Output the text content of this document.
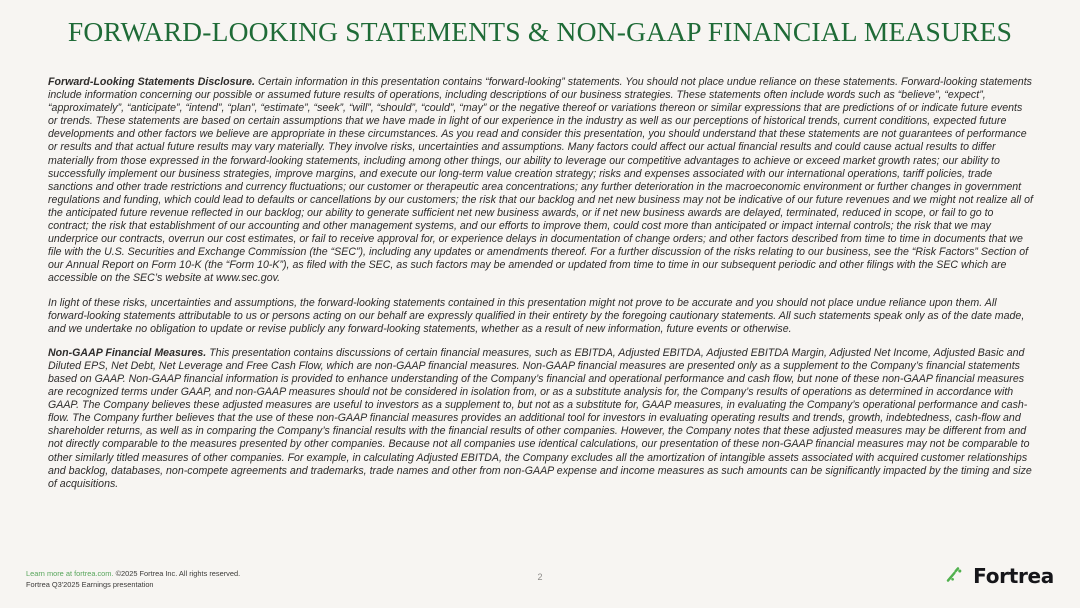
FORWARD-LOOKING STATEMENTS & NON-GAAP FINANCIAL MEASURES

Forward-Looking Statements Disclosure. Certain information in this presentation contains “forward-looking” statements. You should not place undue reliance on these statements. Forward-looking statements include information concerning our possible or assumed future results of operations, including descriptions of our business strategies. These statements often include words such as “believe”, “expect”, “approximately”, “anticipate”, “intend”, “plan”, “estimate”, “seek”, “will”, “should”, “could”, “may” or the negative thereof or variations thereon or similar expressions that are predictions of or indicate future events or trends. These statements are based on certain assumptions that we have made in light of our experience in the industry as well as our perceptions of historical trends, current conditions, expected future developments and other factors we believe are appropriate in these circumstances. As you read and consider this presentation, you should understand that these statements are not guarantees of performance or results and that actual future results may vary materially. They involve risks, uncertainties and assumptions. Many factors could affect our actual financial results and could cause actual results to differ materially from those expressed in the forward-looking statements, including among other things, our ability to leverage our competitive advantages to achieve or exceed market growth rates; our ability to successfully implement our business strategies, improve margins, and execute our long-term value creation strategy; risks and expenses associated with our international operations, tariff policies, trade sanctions and other trade restrictions and currency fluctuations; our customer or therapeutic area concentrations; any further deterioration in the macroeconomic environment or further changes in government regulations and funding, which could lead to defaults or cancellations by our customers; the risk that our backlog and net new business may not be indicative of our future revenues and we might not realize all of the anticipated future revenue reflected in our backlog; our ability to generate sufficient net new business awards, or if net new business awards are delayed, terminated, reduced in scope, or fail to go to contract; the risk that establishment of our accounting and other management systems, and our efforts to improve them, could cost more than anticipated or impact internal controls; the risk that we may underprice our contracts, overrun our cost estimates, or fail to receive approval for, or experience delays in documentation of change orders; and other factors described from time to time in documents that we file with the U.S. Securities and Exchange Commission (the “SEC”), including any updates or amendments thereof. For a further discussion of the risks relating to our business, see the “Risk Factors” Section of our Annual Report on Form 10-K (the “Form 10-K”), as filed with the SEC, as such factors may be amended or updated from time to time in our subsequent periodic and other filings with the SEC which are accessible on the SEC’s website at www.sec.gov.

In light of these risks, uncertainties and assumptions, the forward-looking statements contained in this presentation might not prove to be accurate and you should not place undue reliance upon them. All forward-looking statements attributable to us or persons acting on our behalf are expressly qualified in their entirety by the foregoing cautionary statements. All such statements speak only as of the date made, and we undertake no obligation to update or revise publicly any forward-looking statements, whether as a result of new information, future events or otherwise.

Non-GAAP Financial Measures. This presentation contains discussions of certain financial measures, such as EBITDA, Adjusted EBITDA, Adjusted EBITDA Margin, Adjusted Net Income, Adjusted Basic and Diluted EPS, Net Debt, Net Leverage and Free Cash Flow, which are non-GAAP financial measures. Non-GAAP financial measures are presented only as a supplement to the Company’s financial statements based on GAAP. Non-GAAP financial information is provided to enhance understanding of the Company’s financial and operational performance and cash flow, but none of these non-GAAP financial measures are recognized terms under GAAP, and non-GAAP measures should not be considered in isolation from, or as a substitute analysis for, the Company’s results of operations as determined in accordance with GAAP. The Company believes these adjusted measures are useful to investors as a supplement to, but not as a substitute for, GAAP measures, in evaluating the Company’s operational performance and cash-flow. The Company further believes that the use of these non-GAAP financial measures provides an additional tool for investors in evaluating operating results and trends, growth, indebtedness, cash-flow and shareholder returns, as well as in comparing the Company’s financial results with the financial results of other companies. However, the Company notes that these adjusted measures may be different from and not directly comparable to the measures presented by other companies. Because not all companies use identical calculations, our presentation of these non-GAAP financial measures may not be comparable to other similarly titled measures of other companies. For example, in calculating Adjusted EBITDA, the Company excludes all the amortization of intangible assets associated with acquired customer relationships and backlog, databases, non-compete agreements and trademarks, trade names and other from non-GAAP expense and income measures as such amounts can be significantly impacted by the timing and size of acquisitions.

Learn more at fortrea.com. ©2025 Fortrea Inc. All rights reserved.
Fortrea Q3'2025 Earnings presentation
2	Fortrea
